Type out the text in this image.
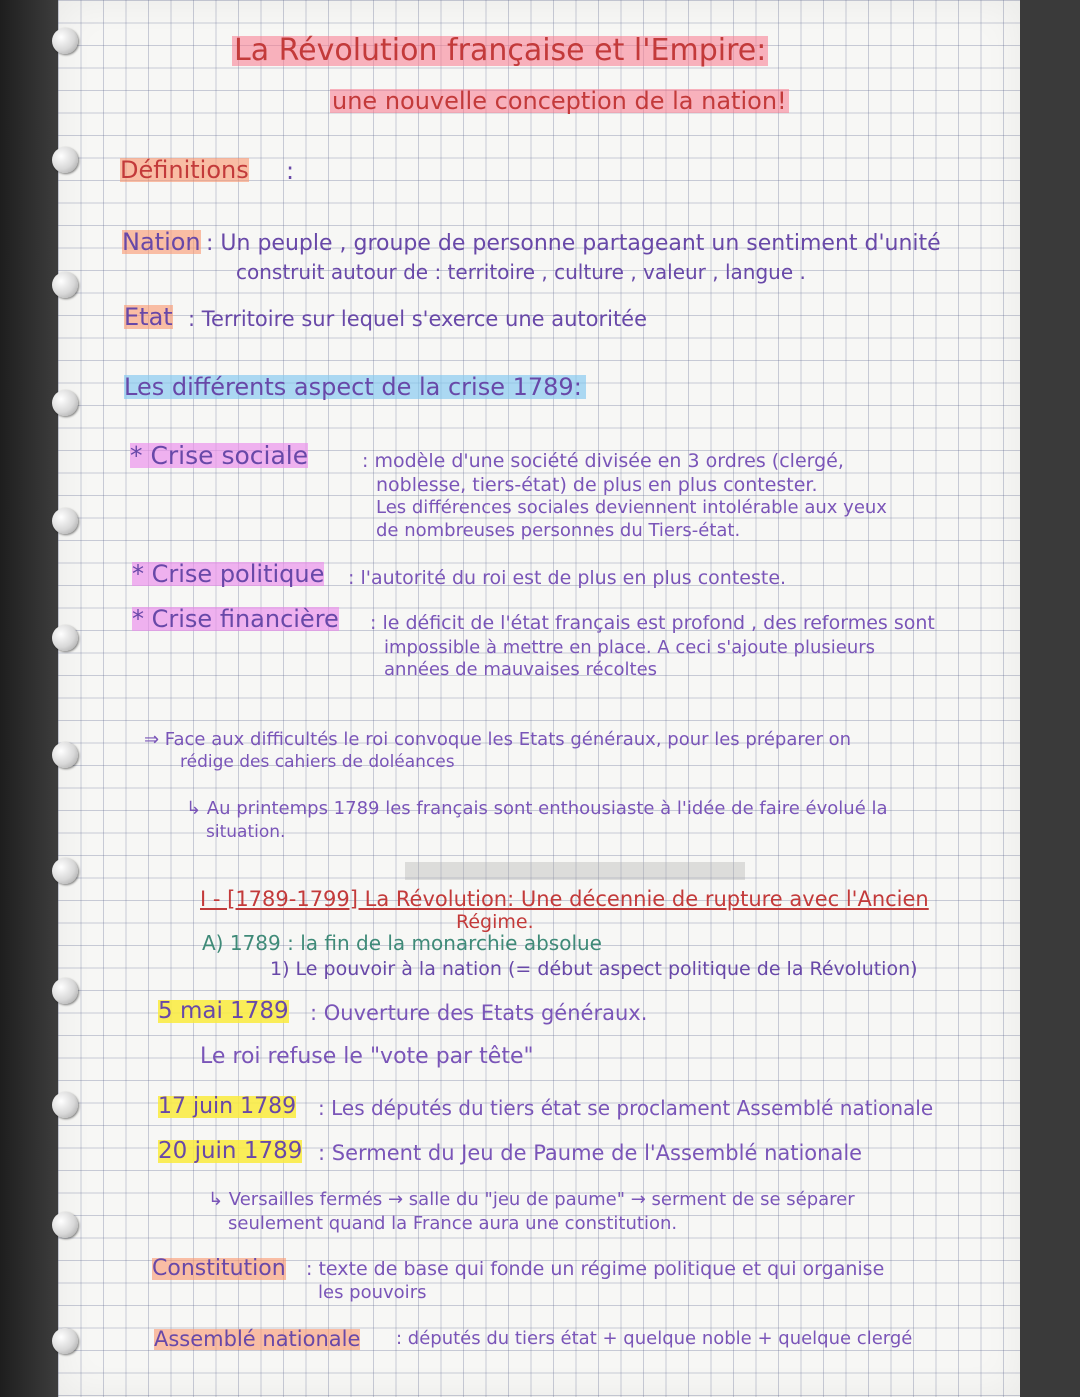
La Révolution française et l'Empire:
une nouvelle conception de la nation!
Définitions :
Nation : Un peuple , groupe de personne partageant un sentiment d'unité
construit autour de : territoire , culture , valeur , langue .
Etat : Territoire sur lequel s'exerce une autoritée
Les différents aspect de la crise 1789:
* Crise sociale	: modèle d'une société divisée en 3 ordres (clergé,
noblesse, tiers-état) de plus en plus contester.
Les différences sociales deviennent intolérable aux yeux
de nombreuses personnes du Tiers-état.
* Crise politique : l'autorité du roi est de plus en plus conteste.
* Crise financière : le déficit de l'état français est profond , des reformes sont
impossible à mettre en place. A ceci s'ajoute plusieurs
années de mauvaises récoltes
⇒ Face aux difficultés le roi convoque les Etats généraux, pour les préparer on
rédige des cahiers de doléances
↳ Au printemps 1789 les français sont enthousiaste à l'idée de faire évolué la
situation.
I - [1789-1799] La Révolution: Une décennie de rupture avec l'Ancien
Régime.
A) 1789 : la fin de la monarchie absolue
1) Le pouvoir à la nation (= début aspect politique de la Révolution)
5 mai 1789 : Ouverture des Etats généraux.
Le roi refuse le "vote par tête"
17 juin 1789 : Les députés du tiers état se proclament Assemblé nationale
20 juin 1789 : Serment du Jeu de Paume de l'Assemblé nationale
↳ Versailles fermés → salle du "jeu de paume" → serment de se séparer
seulement quand la France aura une constitution.
Constitution : texte de base qui fonde un régime politique et qui organise
les pouvoirs
Assemblé nationale : députés du tiers état + quelque noble + quelque clergé
